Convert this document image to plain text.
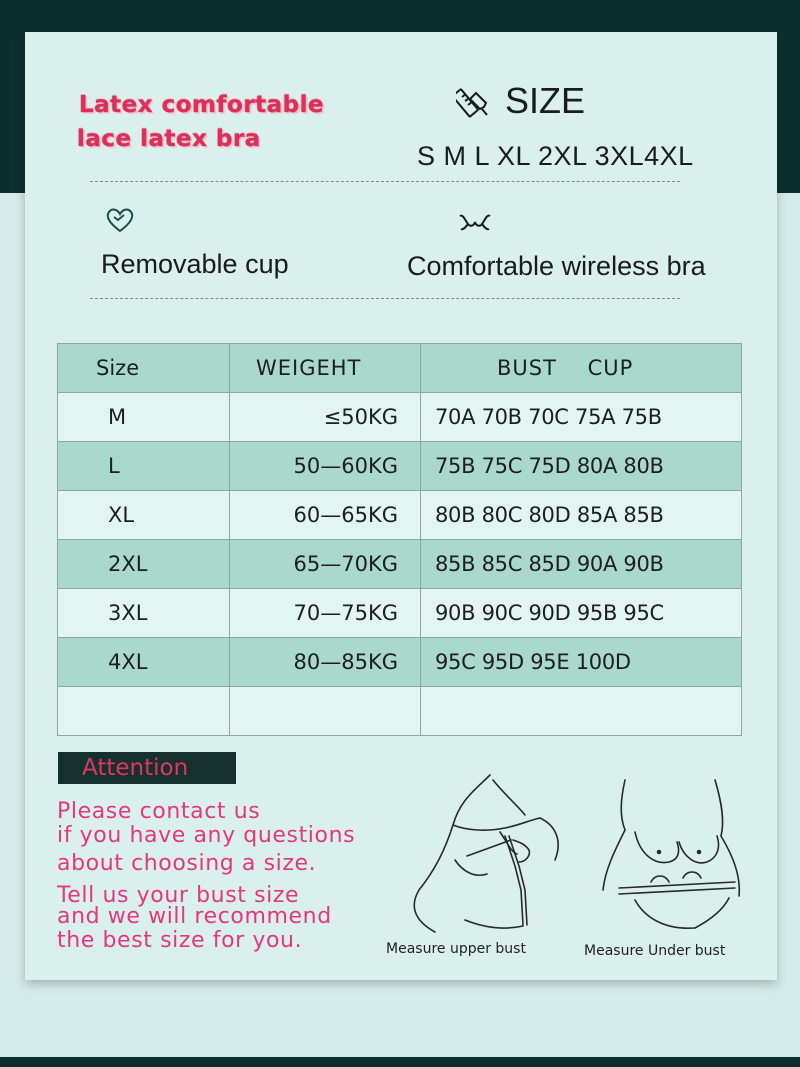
Latex comfortable
lace latex bra
SIZE
S M L XL 2XL 3XL4XL
Removable cup	Comfortable wireless bra
Size	WEIGEHT	BUST    CUP
M	≤50KG	70A 70B 70C 75A 75B
L	50—60KG	75B 75C 75D 80A 80B
XL	60—65KG	80B 80C 80D 85A 85B
2XL	65—70KG	85B 85C 85D 90A 90B
3XL	70—75KG	90B 90C 90D 95B 95C
4XL	80—85KG	95C 95D 95E 100D

Attention
Please contact us
if you have any questions
about choosing a size.
Tell us your bust size
and we will recommend
the best size for you.	Measure upper bust	Measure Under bust
